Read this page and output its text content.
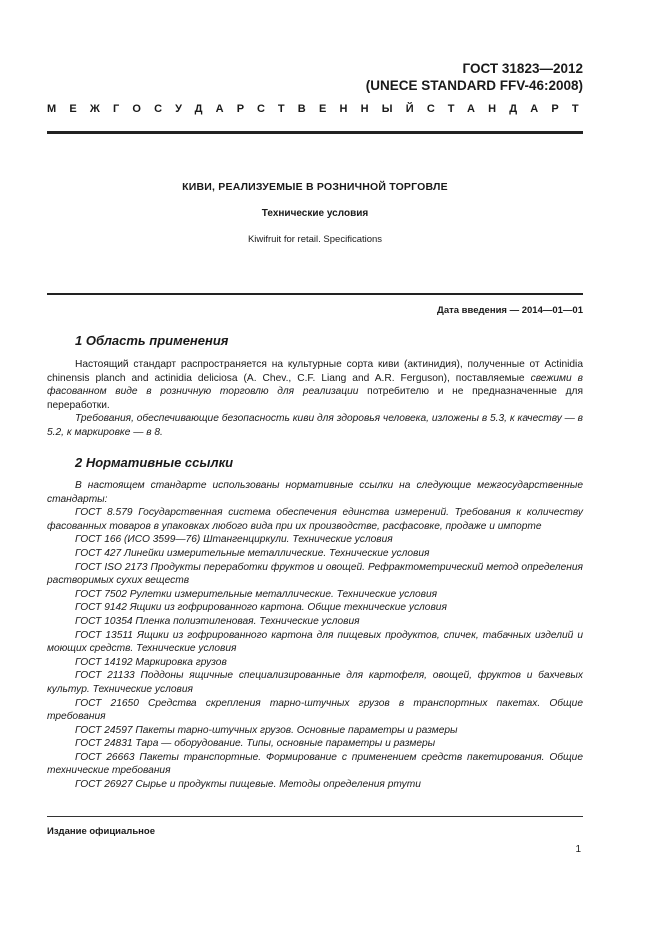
ГОСТ 31823—2012
(UNECE STANDARD FFV-46:2008)
МЕЖГОСУДАРСТВЕННЫЙ СТАНДАРТ
КИВИ, РЕАЛИЗУЕМЫЕ В РОЗНИЧНОЙ ТОРГОВЛЕ
Технические условия
Kiwifruit for retail. Specifications
Дата введения — 2014—01—01
1 Область применения

Настоящий стандарт распространяется на культурные сорта киви (актинидия), полученные от Actinidia chinensis planch and actinidia deliciosa (A. Chev., C.F. Liang and A.R. Ferguson), поставляемые свежими в фасованном виде в розничную торговлю для реализации потребителю и не предназначенные для переработки.

Требования, обеспечивающие безопасность киви для здоровья человека, изложены в 5.3, к качеству — в 5.2, к маркировке — в 8.

2 Нормативные ссылки

В настоящем стандарте использованы нормативные ссылки на следующие межгосударственные стандарты:

ГОСТ 8.579 Государственная система обеспечения единства измерений. Требования к количеству фасованных товаров в упаковках любого вида при их производстве, расфасовке, продаже и импорте

ГОСТ 166 (ИСО 3599—76) Штангенциркули. Технические условия

ГОСТ 427 Линейки измерительные металлические. Технические условия

ГОСТ ISO 2173 Продукты переработки фруктов и овощей. Рефрактометрический метод определения растворимых сухих веществ

ГОСТ 7502 Рулетки измерительные металлические. Технические условия

ГОСТ 9142 Ящики из гофрированного картона. Общие технические условия

ГОСТ 10354 Пленка полиэтиленовая. Технические условия

ГОСТ 13511 Ящики из гофрированного картона для пищевых продуктов, спичек, табачных изделий и моющих средств. Технические условия

ГОСТ 14192 Маркировка грузов

ГОСТ 21133 Поддоны ящичные специализированные для картофеля, овощей, фруктов и бахчевых культур. Технические условия

ГОСТ 21650 Средства скрепления тарно-штучных грузов в транспортных пакетах. Общие требования

ГОСТ 24597 Пакеты тарно-штучных грузов. Основные параметры и размеры

ГОСТ 24831 Тара — оборудование. Типы, основные параметры и размеры

ГОСТ 26663 Пакеты транспортные. Формирование с применением средств пакетирования. Общие технические требования

ГОСТ 26927 Сырье и продукты пищевые. Методы определения ртути

Издание официальное
1
